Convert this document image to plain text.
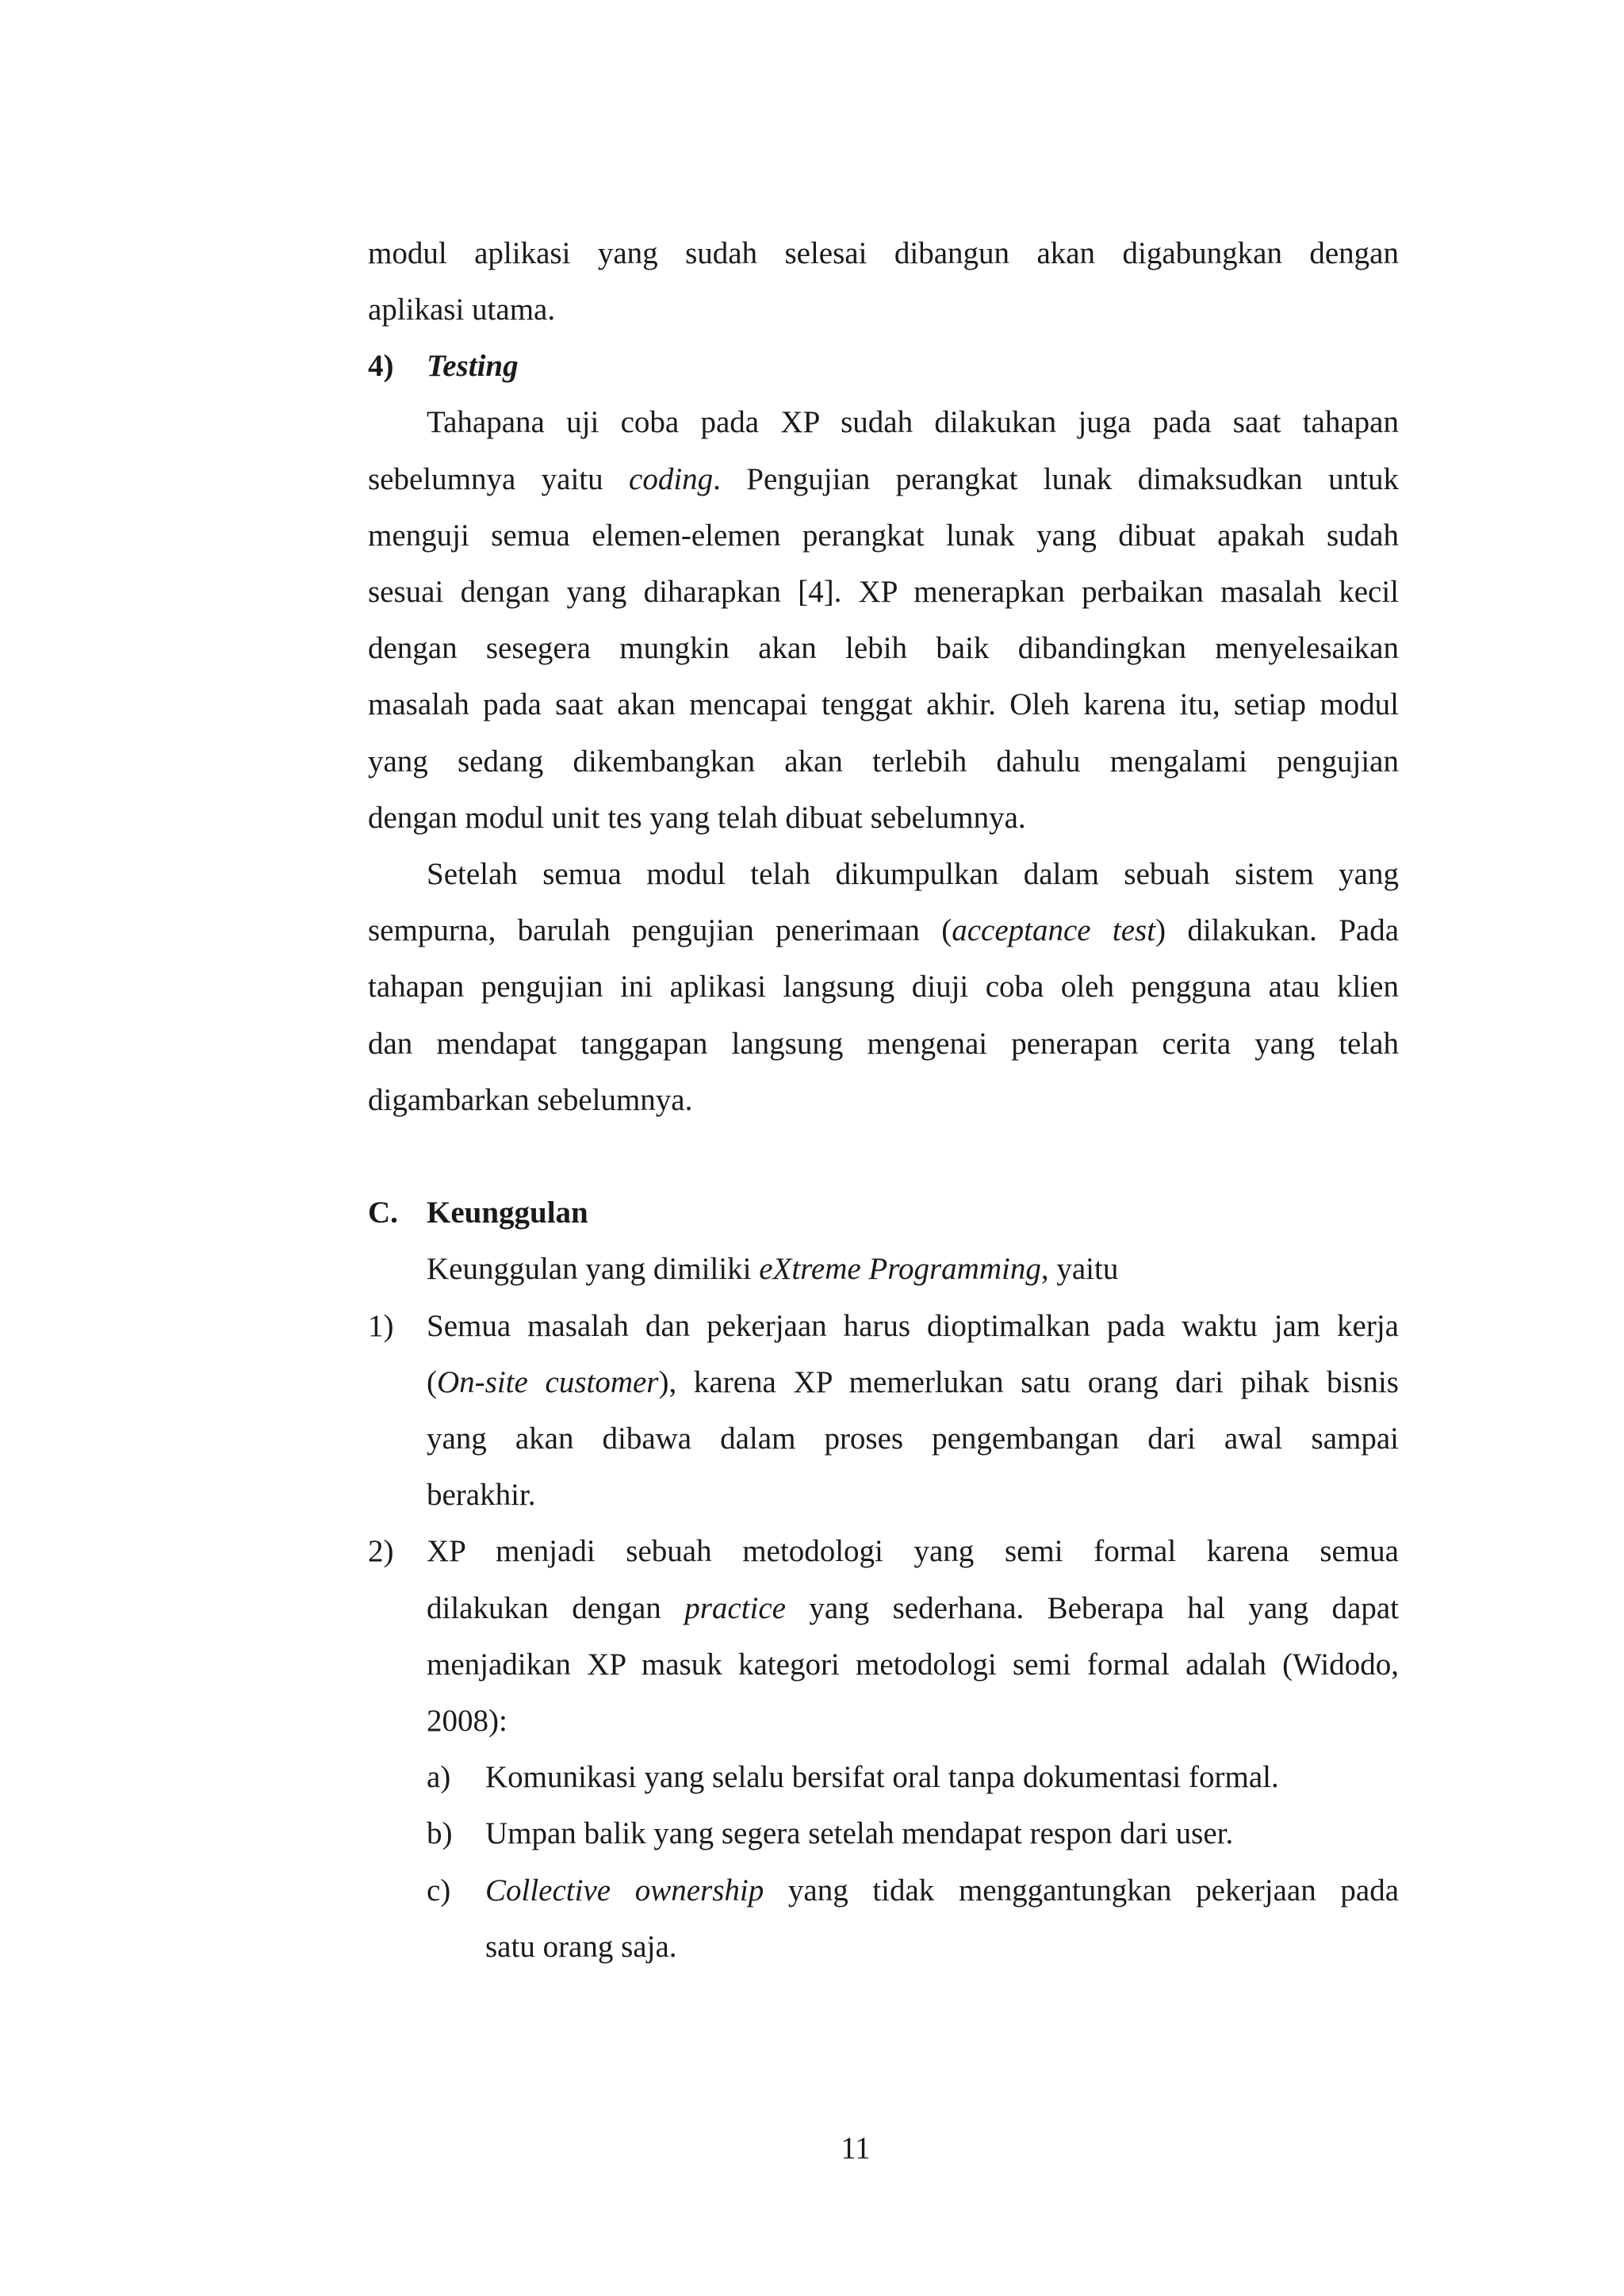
modul aplikasi yang sudah selesai dibangun akan digabungkan dengan
aplikasi utama.
4) Testing
Tahapana uji coba pada XP sudah dilakukan juga pada saat tahapan
sebelumnya yaitu coding. Pengujian perangkat lunak dimaksudkan untuk
menguji semua elemen-elemen perangkat lunak yang dibuat apakah sudah
sesuai dengan yang diharapkan [4]. XP menerapkan perbaikan masalah kecil
dengan sesegera mungkin akan lebih baik dibandingkan menyelesaikan
masalah pada saat akan mencapai tenggat akhir. Oleh karena itu, setiap modul
yang sedang dikembangkan akan terlebih dahulu mengalami pengujian
dengan modul unit tes yang telah dibuat sebelumnya.
Setelah semua modul telah dikumpulkan dalam sebuah sistem yang
sempurna, barulah pengujian penerimaan (acceptance test) dilakukan. Pada
tahapan pengujian ini aplikasi langsung diuji coba oleh pengguna atau klien
dan mendapat tanggapan langsung mengenai penerapan cerita yang telah
digambarkan sebelumnya.
C. Keunggulan
Keunggulan yang dimiliki eXtreme Programming, yaitu
1) Semua masalah dan pekerjaan harus dioptimalkan pada waktu jam kerja
(On-site customer), karena XP memerlukan satu orang dari pihak bisnis
yang akan dibawa dalam proses pengembangan dari awal sampai
berakhir.
2) XP menjadi sebuah metodologi yang semi formal karena semua
dilakukan dengan practice yang sederhana. Beberapa hal yang dapat
menjadikan XP masuk kategori metodologi semi formal adalah (Widodo,
2008):
a) Komunikasi yang selalu bersifat oral tanpa dokumentasi formal.
b) Umpan balik yang segera setelah mendapat respon dari user.
c) Collective ownership yang tidak menggantungkan pekerjaan pada
satu orang saja.
11
